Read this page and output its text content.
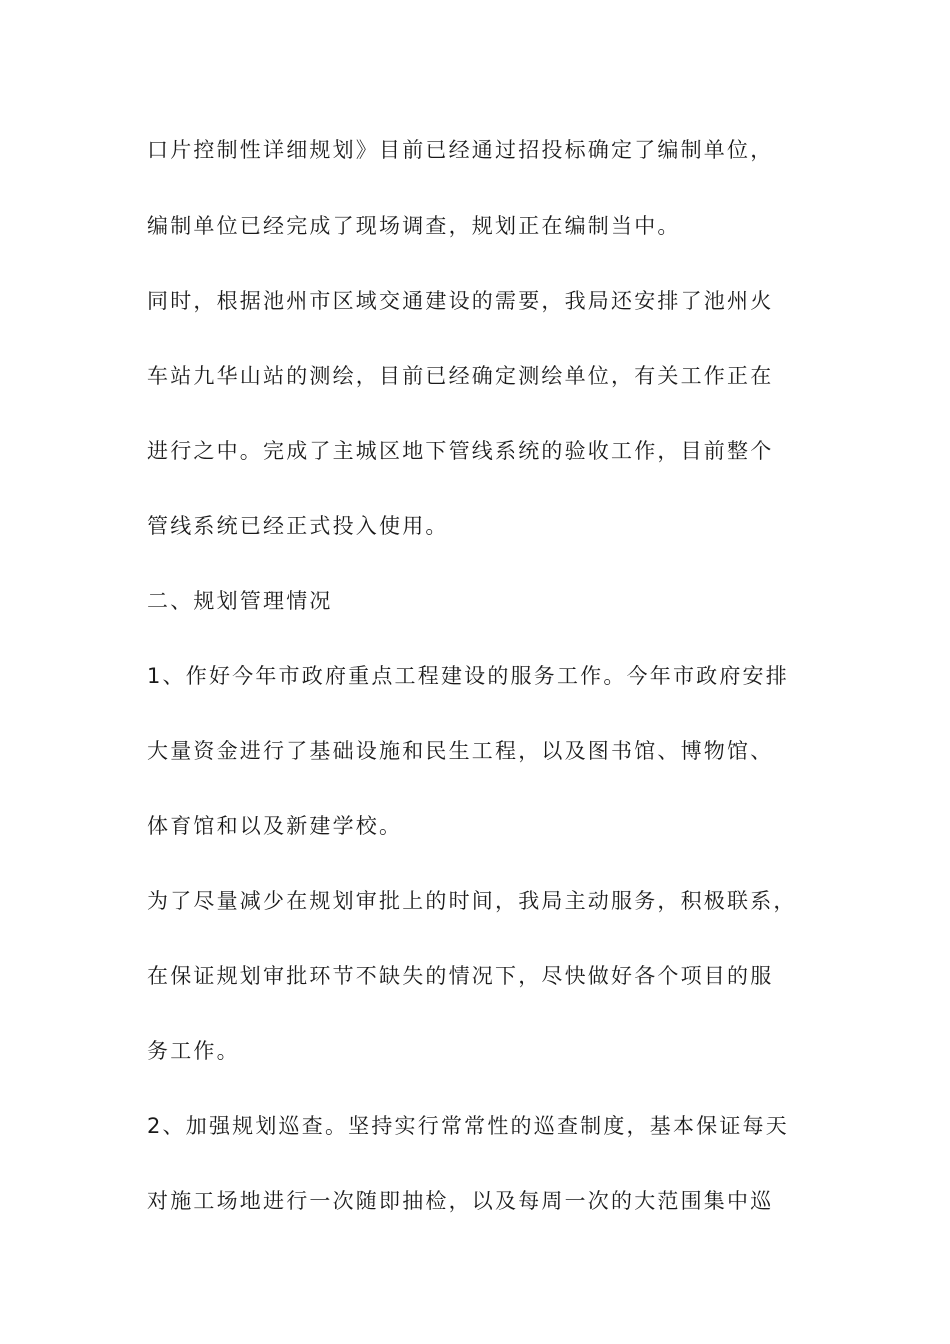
口片控制性详细规划》目前已经通过招投标确定了编制单位，

编制单位已经完成了现场调查，规划正在编制当中。

同时，根据池州市区域交通建设的需要，我局还安排了池州火

车站九华山站的测绘，目前已经确定测绘单位，有关工作正在

进行之中。完成了主城区地下管线系统的验收工作，目前整个

管线系统已经正式投入使用。

二、规划管理情况

1、作好今年市政府重点工程建设的服务工作。今年市政府安排

大量资金进行了基础设施和民生工程，以及图书馆、博物馆、

体育馆和以及新建学校。

为了尽量减少在规划审批上的时间，我局主动服务，积极联系，

在保证规划审批环节不缺失的情况下，尽快做好各个项目的服

务工作。

2、加强规划巡查。坚持实行常常性的巡查制度，基本保证每天

对施工场地进行一次随即抽检，以及每周一次的大范围集中巡
